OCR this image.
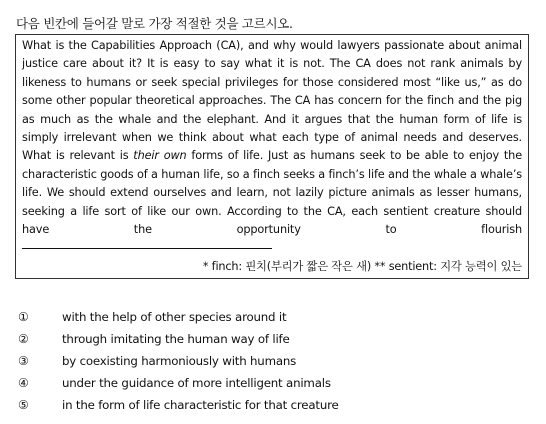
다음 빈칸에 들어갈 말로 가장 적절한 것을 고르시오.

What is the Capabilities Approach (CA), and why would lawyers passionate about animal justice care about it? It is easy to say what it is not. The CA does not rank animals by likeness to humans or seek special privileges for those considered most “like us,” as do some other popular theoretical approaches. The CA has concern for the finch and the pig as much as the whale and the elephant. And it argues that the human form of life is simply irrelevant when we think about what each type of animal needs and deserves. What is relevant is their own forms of life. Just as humans seek to be able to enjoy the characteristic goods of a human life, so a finch seeks a finch’s life and the whale a whale’s life. We should extend ourselves and learn, not lazily picture animals as lesser humans, seeking a life sort of like our own. According to the CA, each sentient creature should have the opportunity to flourish

* finch: 핀치(부리가 짧은 작은 새) ** sentient: 지각 능력이 있는
①	with the help of other species around it
②	through imitating the human way of life
③	by coexisting harmoniously with humans
④	under the guidance of more intelligent animals
⑤	in the form of life characteristic for that creature
